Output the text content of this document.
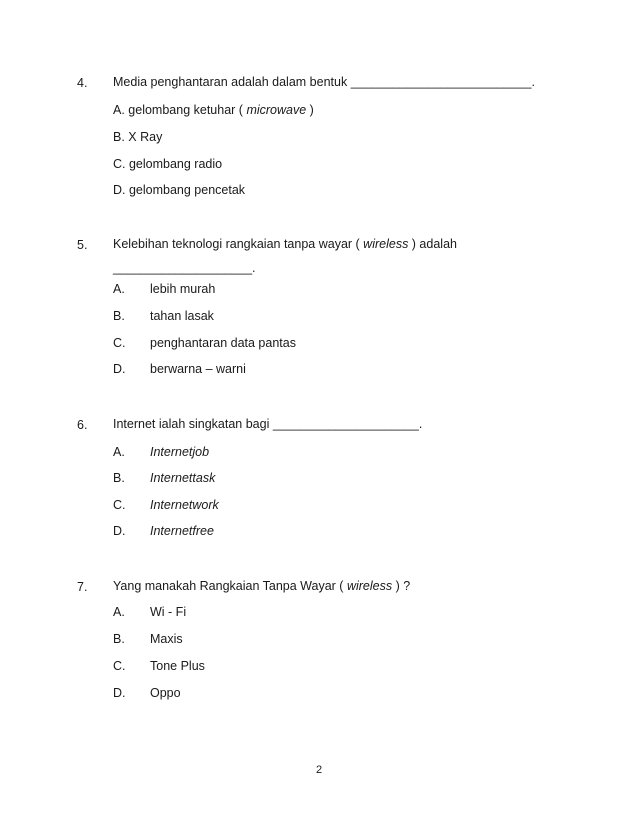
4. Media penghantaran adalah dalam bentuk __________________________.
A. gelombang ketuhar ( microwave )
B. X Ray
C. gelombang radio
D. gelombang pencetak
5. Kelebihan teknologi rangkaian tanpa wayar ( wireless ) adalah
____________________.
A. lebih murah
B. tahan lasak
C. penghantaran data pantas
D. berwarna – warni
6. Internet ialah singkatan bagi _____________________.
A. Internetjob
B. Internettask
C. Internetwork
D. Internetfree
7. Yang manakah Rangkaian Tanpa Wayar ( wireless ) ?
A. Wi - Fi
B. Maxis
C. Tone Plus
D. Oppo
2
